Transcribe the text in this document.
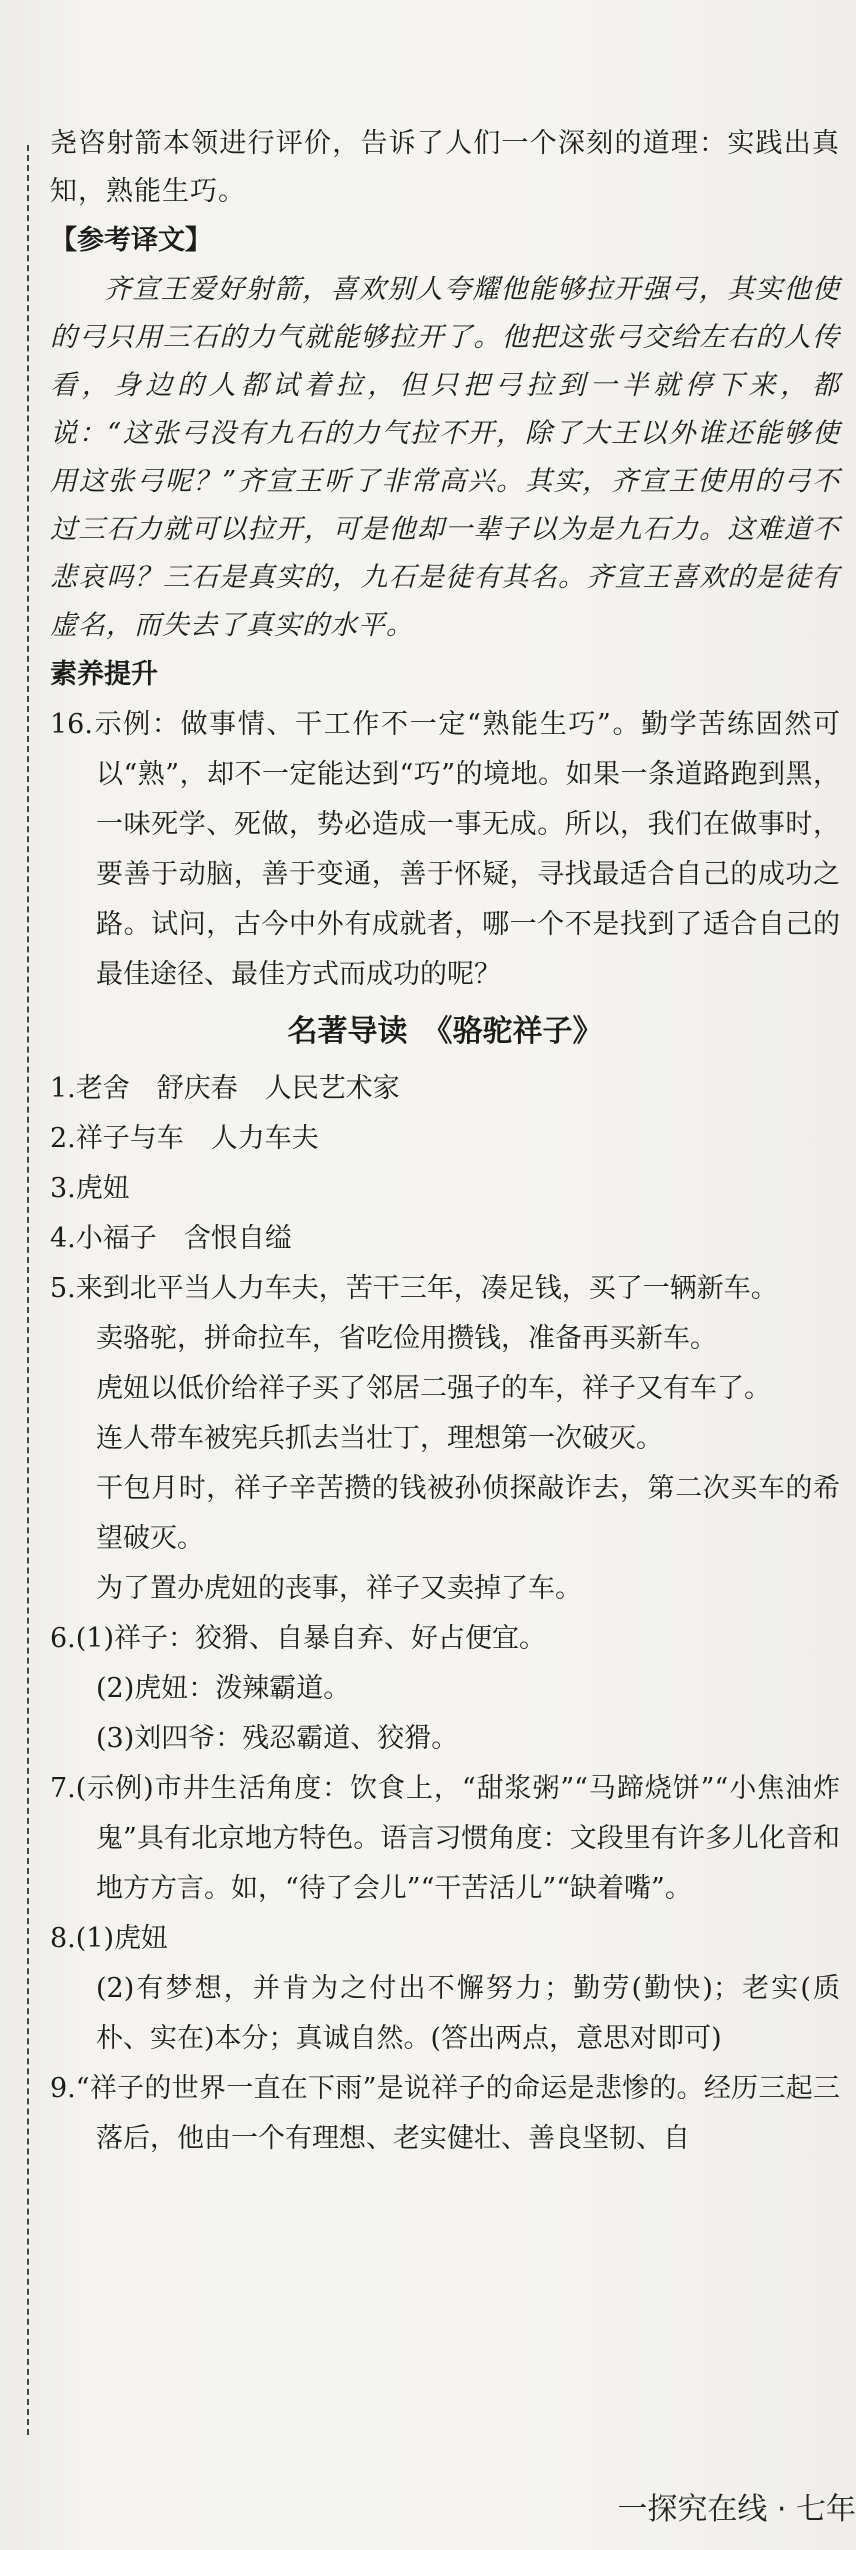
尧咨射箭本领进行评价，告诉了人们一个深刻的道理：实践出真知，熟能生巧。

【参考译文】

齐宣王爱好射箭，喜欢别人夸耀他能够拉开强弓，其实他使的弓只用三石的力气就能够拉开了。他把这张弓交给左右的人传看，身边的人都试着拉，但只把弓拉到一半就停下来，都说：“这张弓没有九石的力气拉不开，除了大王以外谁还能够使用这张弓呢？”齐宣王听了非常高兴。其实，齐宣王使用的弓不过三石力就可以拉开，可是他却一辈子以为是九石力。这难道不悲哀吗？三石是真实的，九石是徒有其名。齐宣王喜欢的是徒有虚名，而失去了真实的水平。

素养提升

16.示例：做事情、干工作不一定“熟能生巧”。勤学苦练固然可以“熟”，却不一定能达到“巧”的境地。如果一条道路跑到黑，一味死学、死做，势必造成一事无成。所以，我们在做事时，要善于动脑，善于变通，善于怀疑，寻找最适合自己的成功之路。试问，古今中外有成就者，哪一个不是找到了适合自己的最佳途径、最佳方式而成功的呢？

名著导读　《骆驼祥子》

1.老舍　舒庆春　人民艺术家

2.祥子与车　人力车夫

3.虎妞

4.小福子　含恨自缢

5.来到北平当人力车夫，苦干三年，凑足钱，买了一辆新车。

卖骆驼，拼命拉车，省吃俭用攒钱，准备再买新车。

虎妞以低价给祥子买了邻居二强子的车，祥子又有车了。

连人带车被宪兵抓去当壮丁，理想第一次破灭。

干包月时，祥子辛苦攒的钱被孙侦探敲诈去，第二次买车的希望破灭。

为了置办虎妞的丧事，祥子又卖掉了车。

6.(1)祥子：狡猾、自暴自弃、好占便宜。

(2)虎妞：泼辣霸道。

(3)刘四爷：残忍霸道、狡猾。

7.(示例)市井生活角度：饮食上，“甜浆粥”“马蹄烧饼”“小焦油炸鬼”具有北京地方特色。语言习惯角度：文段里有许多儿化音和地方方言。如，“待了会儿”“干苦活儿”“缺着嘴”。

8.(1)虎妞

(2)有梦想，并肯为之付出不懈努力；勤劳(勤快)；老实(质朴、实在)本分；真诚自然。(答出两点，意思对即可)

9.“祥子的世界一直在下雨”是说祥子的命运是悲惨的。经历三起三落后，他由一个有理想、老实健壮、善良坚韧、自

一探究在线 · 七年
